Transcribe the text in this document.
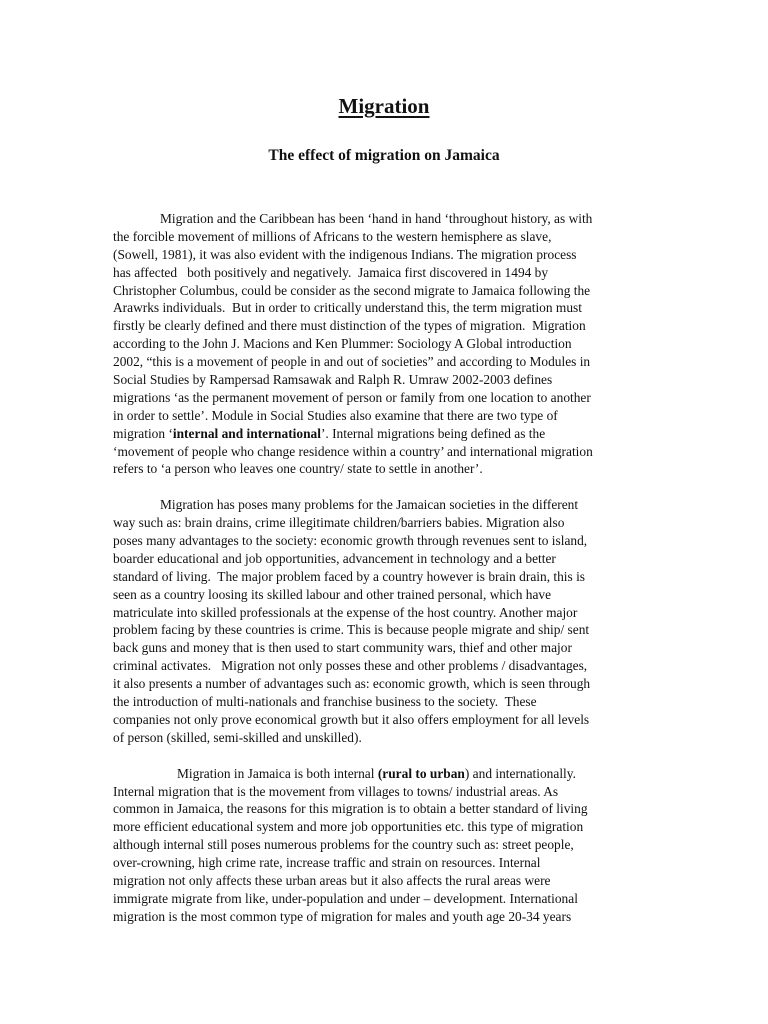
Migration
The effect of migration on Jamaica
Migration and the Caribbean has been ‘hand in hand ‘throughout history, as with
the forcible movement of millions of Africans to the western hemisphere as slave,
(Sowell, 1981), it was also evident with the indigenous Indians. The migration process
has affected   both positively and negatively.  Jamaica first discovered in 1494 by
Christopher Columbus, could be consider as the second migrate to Jamaica following the
Arawrks individuals.  But in order to critically understand this, the term migration must
firstly be clearly defined and there must distinction of the types of migration.  Migration
according to the John J. Macions and Ken Plummer: Sociology A Global introduction
2002, “this is a movement of people in and out of societies” and according to Modules in
Social Studies by Rampersad Ramsawak and Ralph R. Umraw 2002-2003 defines
migrations ‘as the permanent movement of person or family from one location to another
in order to settle’. Module in Social Studies also examine that there are two type of
migration ‘internal and international’. Internal migrations being defined as the
‘movement of people who change residence within a country’ and international migration
refers to ‘a person who leaves one country/ state to settle in another’.
Migration has poses many problems for the Jamaican societies in the different
way such as: brain drains, crime illegitimate children/barriers babies. Migration also
poses many advantages to the society: economic growth through revenues sent to island,
boarder educational and job opportunities, advancement in technology and a better
standard of living.  The major problem faced by a country however is brain drain, this is
seen as a country loosing its skilled labour and other trained personal, which have
matriculate into skilled professionals at the expense of the host country. Another major
problem facing by these countries is crime. This is because people migrate and ship/ sent
back guns and money that is then used to start community wars, thief and other major
criminal activates.   Migration not only posses these and other problems / disadvantages,
it also presents a number of advantages such as: economic growth, which is seen through
the introduction of multi-nationals and franchise business to the society.  These
companies not only prove economical growth but it also offers employment for all levels
of person (skilled, semi-skilled and unskilled).
Migration in Jamaica is both internal (rural to urban) and internationally.
Internal migration that is the movement from villages to towns/ industrial areas. As
common in Jamaica, the reasons for this migration is to obtain a better standard of living
more efficient educational system and more job opportunities etc. this type of migration
although internal still poses numerous problems for the country such as: street people,
over-crowning, high crime rate, increase traffic and strain on resources. Internal
migration not only affects these urban areas but it also affects the rural areas were
immigrate migrate from like, under-population and under – development. International
migration is the most common type of migration for males and youth age 20-34 years
